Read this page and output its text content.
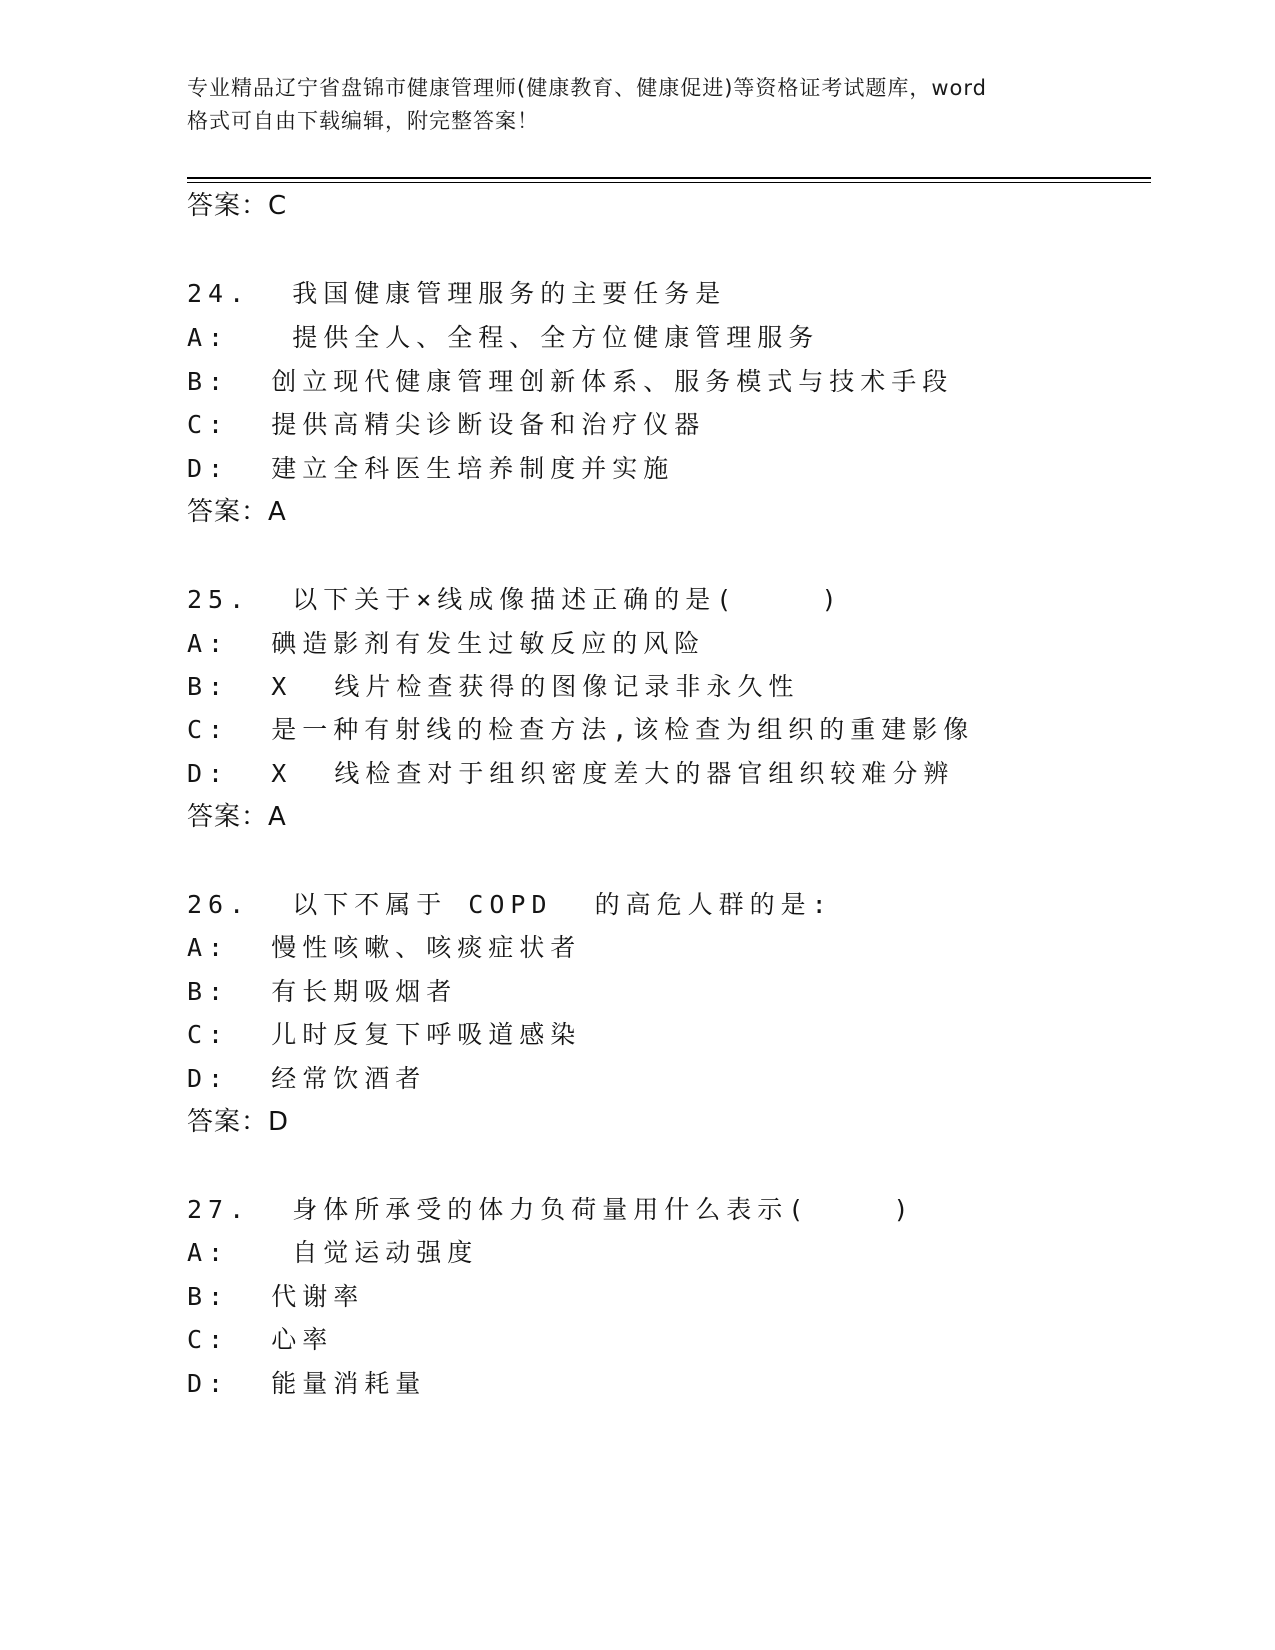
专业精品辽宁省盘锦市健康管理师(健康教育、健康促进)等资格证考试题库，word
格式可自由下载编辑，附完整答案！
答案：C
24.  我国健康管理服务的主要任务是
A:   提供全人、全程、全方位健康管理服务
B:  创立现代健康管理创新体系、服务模式与技术手段
C:  提供高精尖诊断设备和治疗仪器
D:  建立全科医生培养制度并实施
答案：A
25.  以下关于×线成像描述正确的是(    )
A:  碘造影剂有发生过敏反应的风险
B:  X  线片检查获得的图像记录非永久性
C:  是一种有射线的检查方法,该检查为组织的重建影像
D:  X  线检查对于组织密度差大的器官组织较难分辨
答案：A
26.  以下不属于 COPD  的高危人群的是:
A:  慢性咳嗽、咳痰症状者
B:  有长期吸烟者
C:  儿时反复下呼吸道感染
D:  经常饮酒者
答案：D
27.  身体所承受的体力负荷量用什么表示(    )
A:   自觉运动强度
B:  代谢率
C:  心率
D:  能量消耗量
